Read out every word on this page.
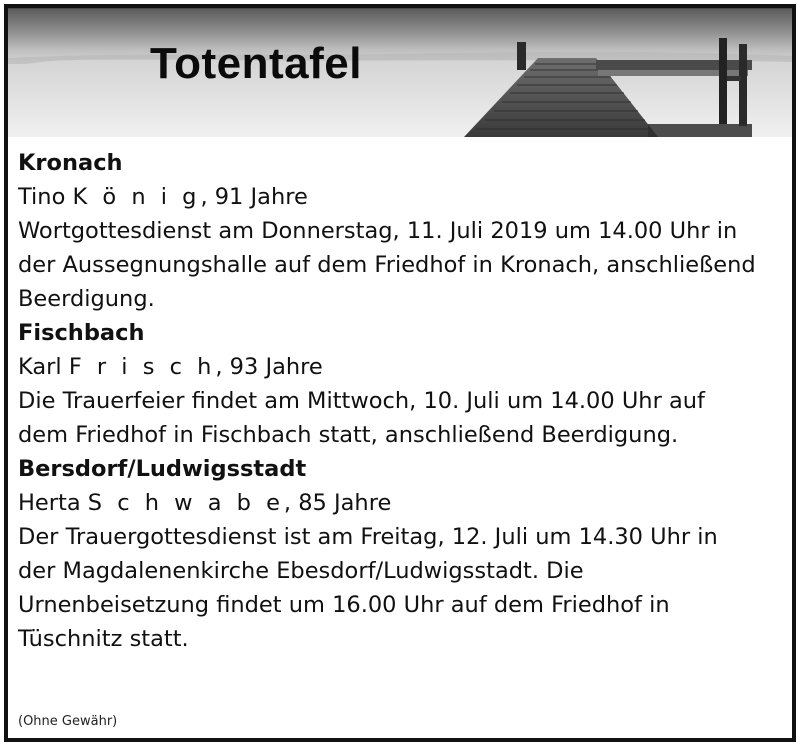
Totentafel

Kronach

Tino K ö n i g, 91 Jahre

Wortgottesdienst am Donnerstag, 11. Juli 2019 um 14.00 Uhr in

der Aussegnungshalle auf dem Friedhof in Kronach, anschließend

Beerdigung.

Fischbach

Karl F r i s c h, 93 Jahre

Die Trauerfeier findet am Mittwoch, 10. Juli um 14.00 Uhr auf

dem Friedhof in Fischbach statt, anschließend Beerdigung.

Bersdorf/Ludwigsstadt

Herta S c h w a b e, 85 Jahre

Der Trauergottesdienst ist am Freitag, 12. Juli um 14.30 Uhr in

der Magdalenenkirche Ebesdorf/Ludwigsstadt. Die

Urnenbeisetzung findet um 16.00 Uhr auf dem Friedhof in

Tüschnitz statt.

(Ohne Gewähr)
